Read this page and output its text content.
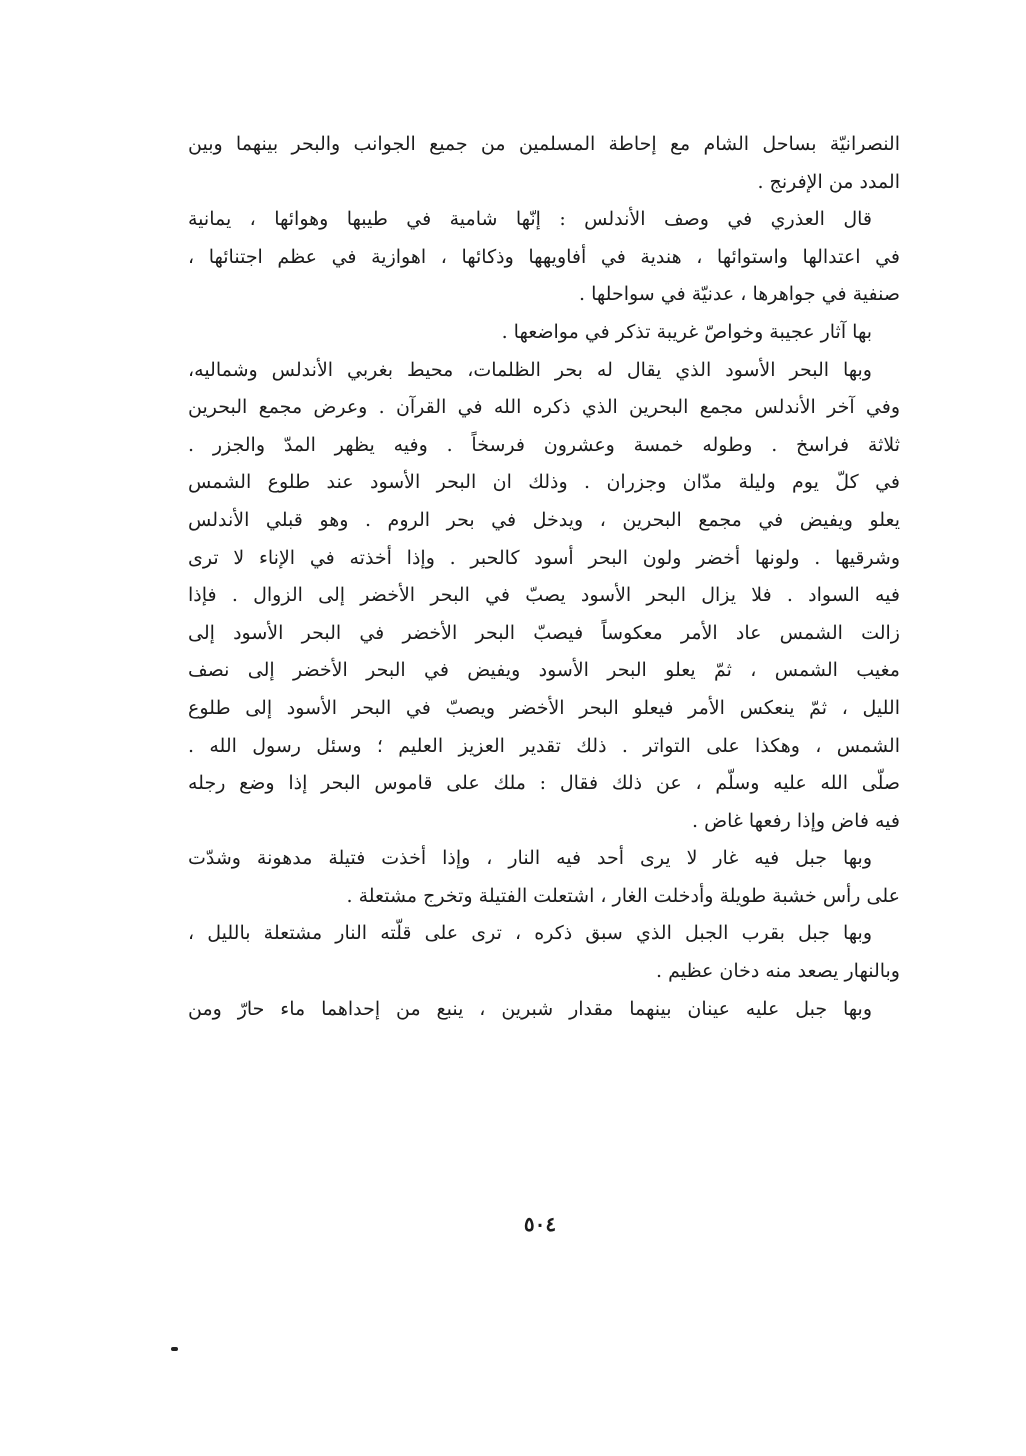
النصرانيّة بساحل الشام مع إحاطة المسلمين من جميع الجوانب والبحر بينهما وبين
المدد من الإفرنج .
قال العذري في وصف الأندلس : إنّها شامية في طيبها وهوائها ، يمانية
في اعتدالها واستوائها ، هندية في أفاويهها وذكائها ، اهوازية في عظم اجتنائها ،
صنفية في جواهرها ، عدنيّة في سواحلها .
بها آثار عجيبة وخواصّ غريبة تذكر في مواضعها .
وبها البحر الأسود الذي يقال له بحر الظلمات، محيط بغربي الأندلس وشماليه،
وفي آخر الأندلس مجمع البحرين الذي ذكره الله في القرآن . وعرض مجمع البحرين
ثلاثة فراسخ . وطوله خمسة وعشرون فرسخاً . وفيه يظهر المدّ والجزر .
في كلّ يوم وليلة مدّان وجزران . وذلك ان البحر الأسود عند طلوع الشمس
يعلو ويفيض في مجمع البحرين ، ويدخل في بحر الروم . وهو قبلي الأندلس
وشرقيها . ولونها أخضر ولون البحر أسود كالحبر . وإذا أخذته في الإناء لا ترى
فيه السواد . فلا يزال البحر الأسود يصبّ في البحر الأخضر إلى الزوال . فإذا
زالت الشمس عاد الأمر معكوساً فيصبّ البحر الأخضر في البحر الأسود إلى
مغيب الشمس ، ثمّ يعلو البحر الأسود ويفيض في البحر الأخضر إلى نصف
الليل ، ثمّ ينعكس الأمر فيعلو البحر الأخضر ويصبّ في البحر الأسود إلى طلوع
الشمس ، وهكذا على التواتر . ذلك تقدير العزيز العليم ؛ وسئل رسول الله .
صلّى الله عليه وسلّم ، عن ذلك فقال : ملك على قاموس البحر إذا وضع رجله
فيه فاض وإذا رفعها غاض .
وبها جبل فيه غار لا يرى أحد فيه النار ، وإذا أخذت فتيلة مدهونة وشدّت
على رأس خشبة طويلة وأدخلت الغار ، اشتعلت الفتيلة وتخرج مشتعلة .
وبها جبل بقرب الجبل الذي سبق ذكره ، ترى على قلّته النار مشتعلة بالليل ،
وبالنهار يصعد منه دخان عظيم .
وبها جبل عليه عينان بينهما مقدار شبرين ، ينبع من إحداهما ماء حارّ ومن
٥٠٤
